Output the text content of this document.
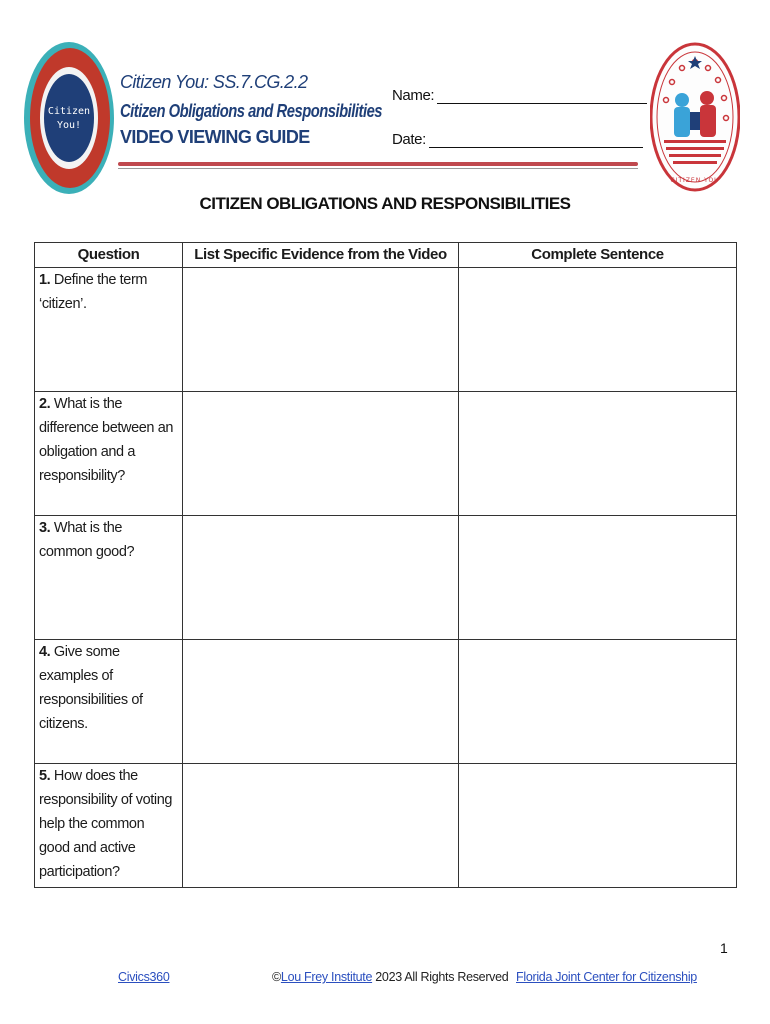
Citizen
You!
Citizen You: SS.7.CG.2.2
Citizen Obligations and Responsibilities
VIDEO VIEWING GUIDE
Name:
Date:
CITIZEN YOU
CITIZEN OBLIGATIONS AND RESPONSIBILITIES
Question	List Specific Evidence from the Video	Complete Sentence
1. Define the term ‘citizen’.		
2. What is the difference between an obligation and a responsibility?		
3. What is the common good?		
4. Give some examples of responsibilities of citizens.		
5. How does the responsibility of voting help the common good and active participation?		
1
Civics360	©Lou Frey Institute 2023 All Rights Reserved Florida Joint Center for Citizenship
